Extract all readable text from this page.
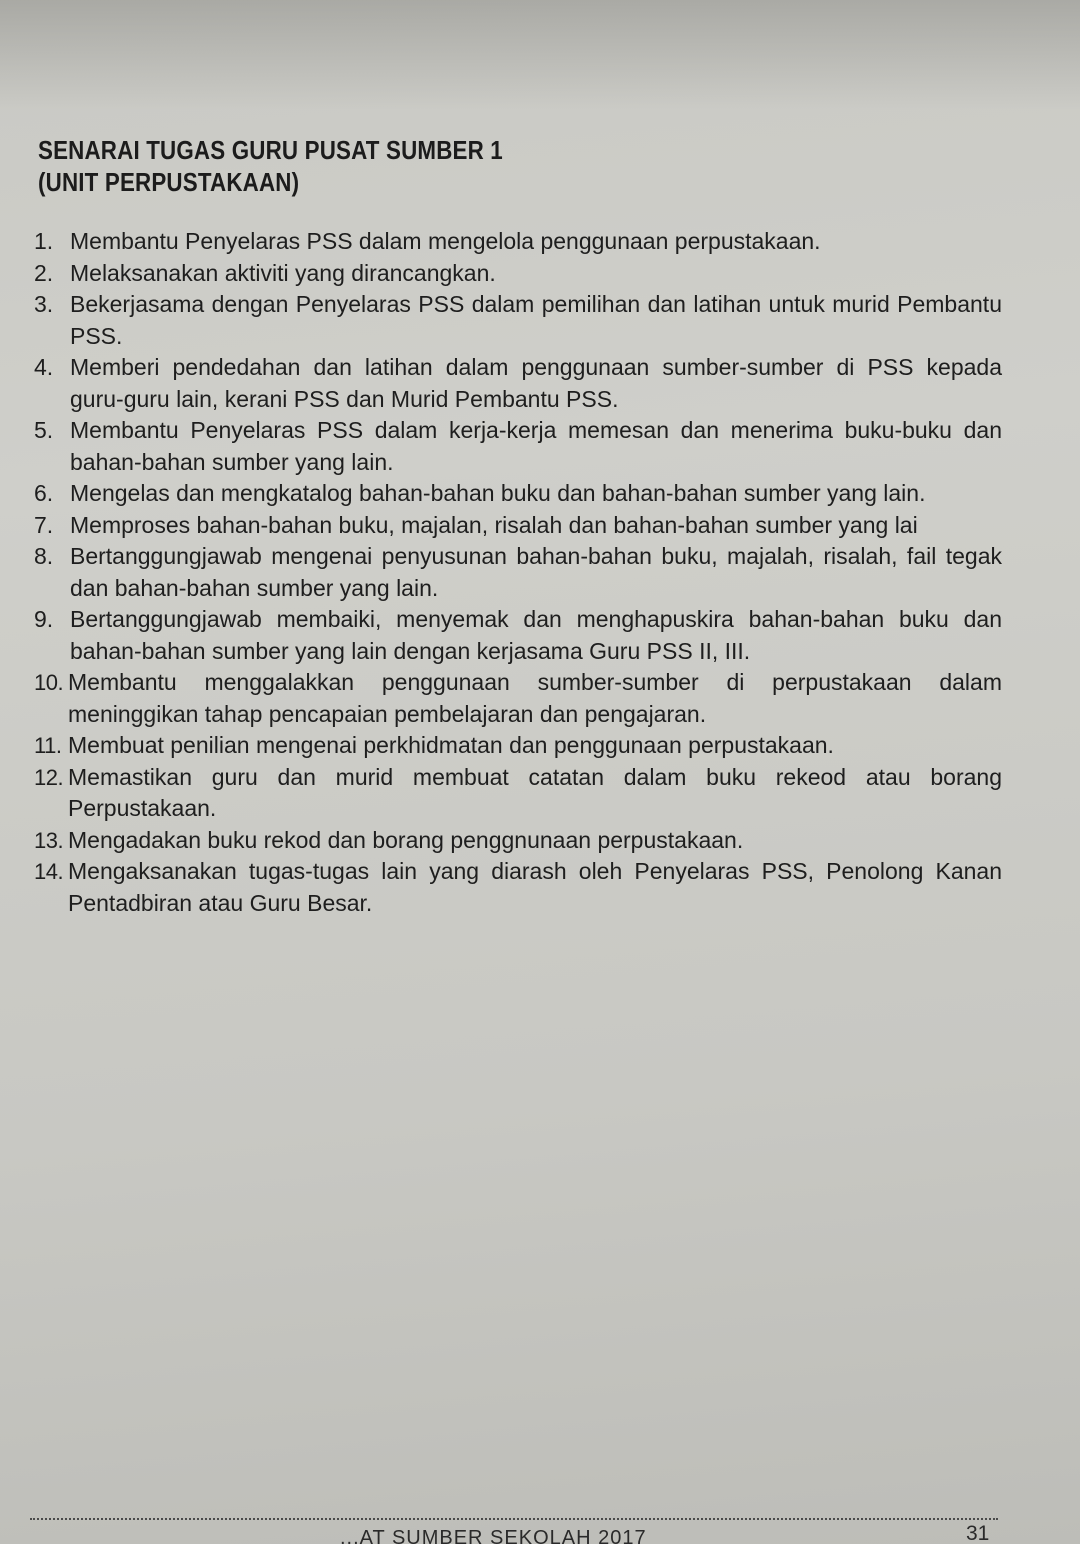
SENARAI TUGAS GURU PUSAT SUMBER 1
(UNIT PERPUSTAKAAN)
1. Membantu Penyelaras PSS dalam mengelola penggunaan perpustakaan.
2. Melaksanakan aktiviti yang dirancangkan.
3. Bekerjasama dengan Penyelaras PSS dalam pemilihan dan latihan untuk murid Pembantu PSS.
4. Memberi pendedahan dan latihan dalam penggunaan sumber-sumber di PSS kepada guru-guru lain, kerani PSS dan Murid Pembantu PSS.
5. Membantu Penyelaras PSS dalam kerja-kerja memesan dan menerima buku-buku dan bahan-bahan sumber yang lain.
6. Mengelas dan mengkatalog bahan-bahan buku dan bahan-bahan sumber yang lain.
7. Memproses bahan-bahan buku, majalan, risalah dan bahan-bahan sumber yang lai
8. Bertanggungjawab mengenai penyusunan bahan-bahan buku, majalah, risalah, fail tegak dan bahan-bahan sumber yang lain.
9. Bertanggungjawab membaiki, menyemak dan menghapuskira bahan-bahan buku dan bahan-bahan sumber yang lain dengan kerjasama Guru PSS II, III.
10. Membantu menggalakkan penggunaan sumber-sumber di perpustakaan dalam meninggikan tahap pencapaian pembelajaran dan pengajaran.
11. Membuat penilian mengenai perkhidmatan dan penggunaan perpustakaan.
12. Memastikan guru dan murid membuat catatan dalam buku rekeod atau borang Perpustakaan.
13. Mengadakan buku rekod dan borang penggnunaan perpustakaan.
14. Mengaksanakan tugas-tugas lain yang diarash oleh Penyelaras PSS, Penolong Kanan Pentadbiran atau Guru Besar.
...AT SUMBER SEKOLAH 2017	31
